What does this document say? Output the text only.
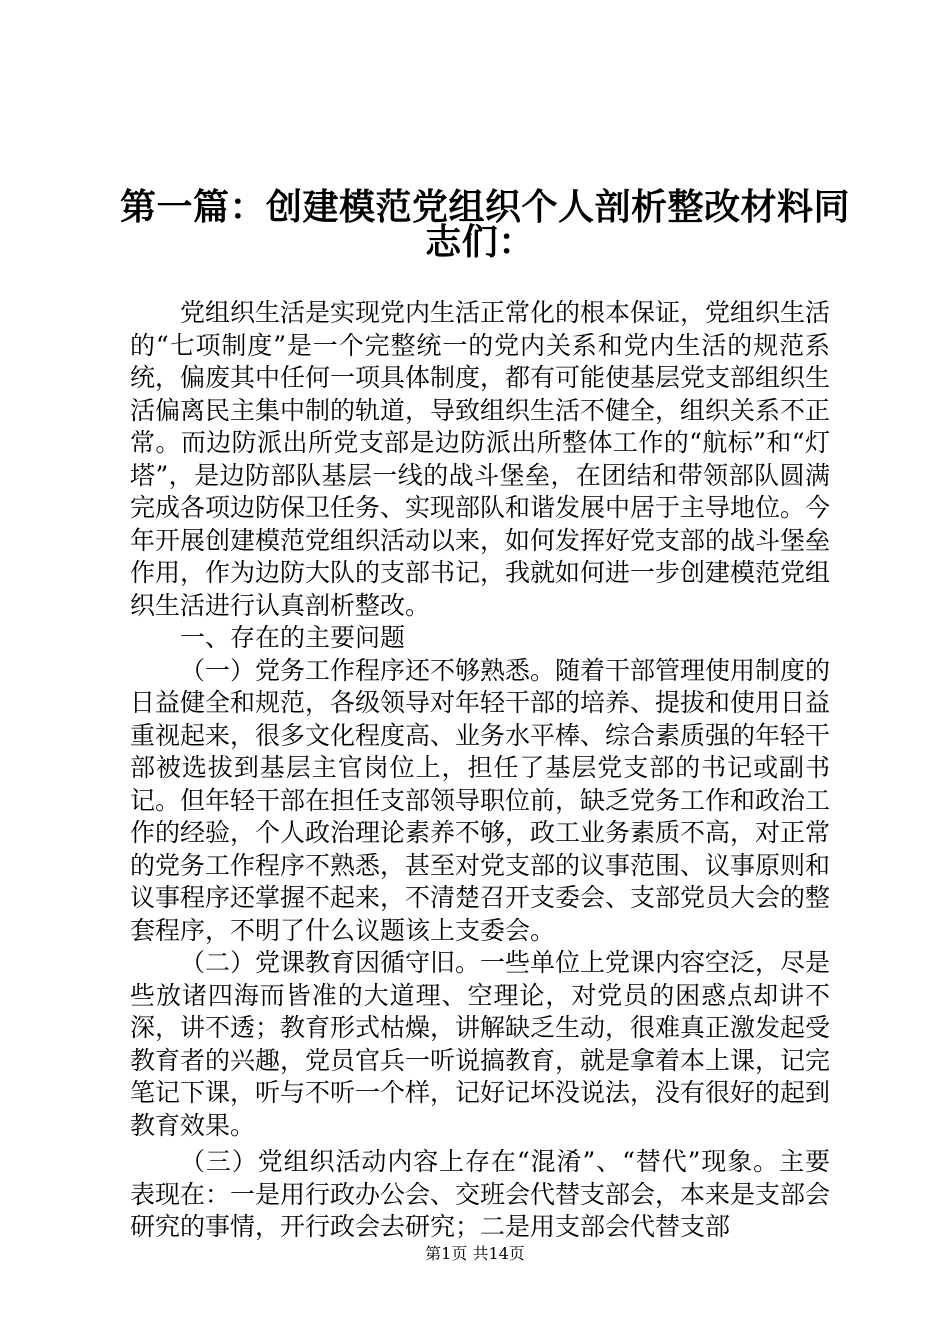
第一篇：创建模范党组织个人剖析整改材料同
志们：

党组织生活是实现党内生活正常化的根本保证，党组织生活的“七项制度”是一个完整统一的党内关系和党内生活的规范系统，偏废其中任何一项具体制度，都有可能使基层党支部组织生活偏离民主集中制的轨道，导致组织生活不健全，组织关系不正常。而边防派出所党支部是边防派出所整体工作的“航标”和“灯塔”，是边防部队基层一线的战斗堡垒，在团结和带领部队圆满完成各项边防保卫任务、实现部队和谐发展中居于主导地位。今年开展创建模范党组织活动以来，如何发挥好党支部的战斗堡垒作用，作为边防大队的支部书记，我就如何进一步创建模范党组织生活进行认真剖析整改。

一、存在的主要问题

（一）党务工作程序还不够熟悉。随着干部管理使用制度的日益健全和规范，各级领导对年轻干部的培养、提拔和使用日益重视起来，很多文化程度高、业务水平棒、综合素质强的年轻干部被选拔到基层主官岗位上，担任了基层党支部的书记或副书记。但年轻干部在担任支部领导职位前，缺乏党务工作和政治工作的经验，个人政治理论素养不够，政工业务素质不高，对正常的党务工作程序不熟悉，甚至对党支部的议事范围、议事原则和议事程序还掌握不起来，不清楚召开支委会、支部党员大会的整套程序，不明了什么议题该上支委会。

（二）党课教育因循守旧。一些单位上党课内容空泛，尽是些放诸四海而皆准的大道理、空理论，对党员的困惑点却讲不深，讲不透；教育形式枯燥，讲解缺乏生动，很难真正激发起受教育者的兴趣，党员官兵一听说搞教育，就是拿着本上课，记完笔记下课，听与不听一个样，记好记坏没说法，没有很好的起到教育效果。

（三）党组织活动内容上存在“混淆”、“替代”现象。主要表现在：一是用行政办公会、交班会代替支部会，本来是支部会研究的事情，开行政会去研究；二是用支部会代替支部

第1页 共14页
